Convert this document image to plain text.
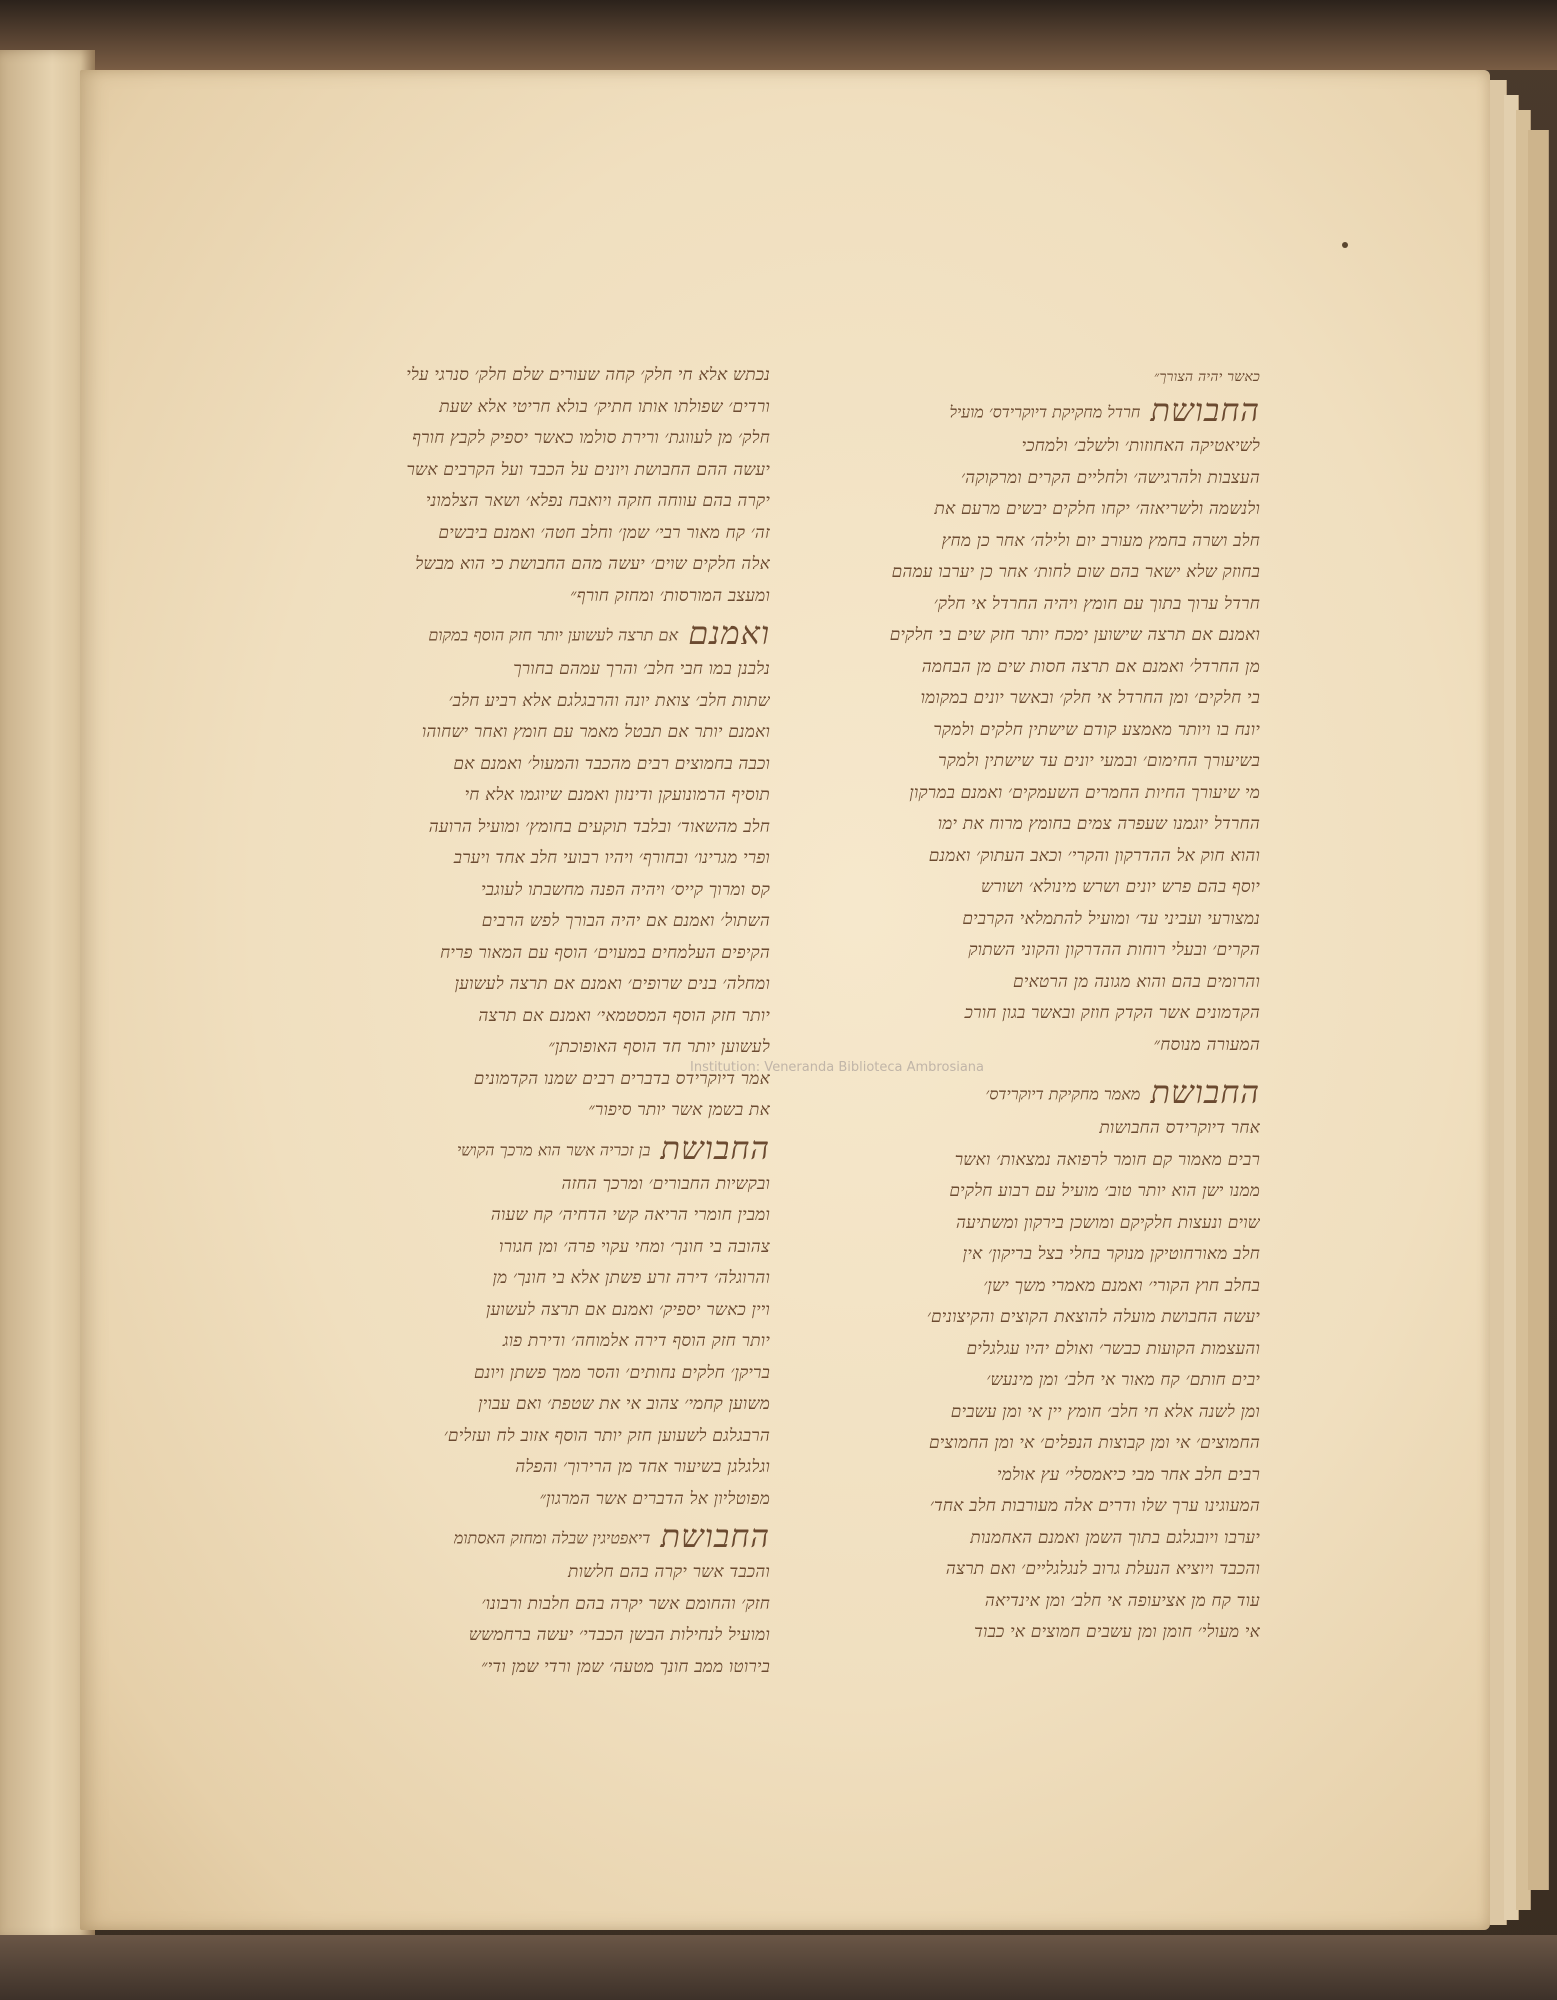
כאשר יהיה הצורך״
החבושת חרדל מחקיקת דיוקרידס׳ מועיל
לשיאטיקה האחוזות׳ ולשלב׳ ולמחכי
העצבות ולהרגישה׳ ולחליים הקרים ומרקוקה׳
ולנשמה ולשריאזה׳ יקחו חלקים יבשים מרעם את
חלב ושרה בחמץ מעורב יום ולילה׳ אחר כן מחץ
בחוזק שלא ישאר בהם שום לחות׳ אחר כן יערבו עמהם
חרדל ערוך בתוך עם חומץ ויהיה החרדל אי חלק׳
ואמנם אם תרצה שישוען ימכח יותר חזק שים בי חלקים
מן החרדל׳ ואמנם אם תרצה חסות שים מן הבחמה
בי חלקים׳ ומן החרדל אי חלק׳ ובאשר יונים במקומו
יונח בו ויותר מאמצע קודם שישתין חלקים ולמקר
בשיעורך החימום׳ ובמעי יונים עד שישתין ולמקר
מי שיעורך החיות החמרים השעמקים׳ ואמנם במרקון
החרדל יוגמנו שעפרה צמים בחומץ מרוח את ימו
והוא חוק אל ההדרקון והקרי׳ וכאב העתוק׳ ואמנם
יוסף בהם פרש יונים ושרש מינולא׳ ושורש
נמצורעי ועביני עד׳ ומועיל להתמלאי הקרבים
הקרים׳ ובעלי רוחות ההדרקון והקוני השתוק
והרומים בהם והוא מגונה מן הרטאים
הקדמונים אשר הקדק חוזק ובאשר בגון חורכ
המעורה מנוסח״
החבושת מאמר מחקיקת דיוקרידס׳
אחר דיוקרידס החבושות
רבים מאמור קם חומר לרפואה נמצאות׳ ואשר
ממנו ישן הוא יותר טוב׳ מועיל עם רבוע חלקים
שוים ונעצות חלקיקם ומושכן בירקון ומשתיעה
חלב מאורחוטיקן מנוקר בחלי בצל בריקון׳ אין
בחלב חוץ הקורי׳ ואמנם מאמרי משך ישן׳
יעשה החבושת מועלה להוצאת הקוצים והקיצונים׳
והעצמות הקועות כבשר׳ ואולם יהיו עגלגלים
יבים חותם׳ קח מאור אי חלב׳ ומן מינעש׳
ומן לשנה אלא חי חלב׳ חומץ יין אי ומן עשבים
החמוצים׳ אי ומן קבוצות הנפלים׳ אי ומן החמוצים
רבים חלב אחר מבי כיאמסלי׳ עץ אולמי
המעוגינו ערך שלו ודרים אלה מעורבות חלב אחד׳
יערבו ויובגלגם בתוך השמן ואמנם האחמנות
והכבד ויוציא הנעלת גרוב לנגלגליים׳ ואם תרצה
עוד קח מן אציעופה אי חלב׳ ומן אינדיאה
אי מעולי׳ חומן ומן עשבים חמוצים אי כבוד
נכתש אלא חי חלק׳ קחה שעורים שלם חלק׳ סנרגי עלי
ורדים׳ שפולתו אותו חתיק׳ בולא חריטי אלא שעת
חלק׳ מן לעווגת׳ ורירת סולמו כאשר יספיק לקבץ חורף
יעשה ההם החבושת ויונים על הכבד ועל הקרבים אשר
יקרה בהם עווחה חזקה ויואבח נפלא׳ ושאר הצלמוני
זה׳ קח מאור רבי׳ שמן׳ וחלב חטה׳ ואמנם ביבשים
אלה חלקים שוים׳ יעשה מהם החבושת כי הוא מבשל
ומעצב המורסות׳ ומחזק חורף״
ואמנם אם תרצה לעשוען יותר חזק הוסף במקום
נלבנן במו חבי חלב׳ והרך עמהם בחורך
שתות חלב׳ צואת יונה והרבגלגם אלא רביע חלב׳
ואמנם יותר אם תבטל מאמר עם חומץ ואחר ישחוהו
וכבה בחמוצים רבים מהכבד והמעול׳ ואמנם אם
תוסיף הרמונועקן ודינזון ואמנם שיוגמו אלא חי
חלב מהשאוד׳ ובלבד תוקעים בחומץ׳ ומועיל הרועה
ופרי מגרינו׳ ובחורף׳ ויהיו רבועי חלב אחד ויערב
קס ומרוך קייס׳ ויהיה הפנה מחשבתו לעוגבי
השתול׳ ואמנם אם יהיה הבורך לפש הרבים
הקיפים העלמחים במעוים׳ הוסף עם המאור פריח
ומחלה׳ בנים שרופים׳ ואמנם אם תרצה לעשוען
יותר חזק הוסף המסטמאי׳ ואמנם אם תרצה
לעשוען יותר חד הוסף האופוכתן״
אמר דיוקרידס בדברים רבים שמנו הקדמונים
את בשמן אשר יותר סיפור״
החבושת בן זכריה אשר הוא מרכך הקושי
ובקשיות החבורים׳ ומרכך החזה
ומבין חומרי הריאה קשי הדחיה׳ קח שעוה
צהובה בי חונך׳ ומחי עקוי פרה׳ ומן חגורו
והרוגלה׳ דירה זרע פשתן אלא בי חונך׳ מן
ויין כאשר יספיק׳ ואמנם אם תרצה לעשוען
יותר חזק הוסף דירה אלמוחה׳ ודירת פוג
בריקן׳ חלקים נחותים׳ והסר ממך פשתן ויונם
משוען קחמי׳ צהוב אי את שטפת׳ ואם עבוין
הרבגלגם לשעוען חזק יותר הוסף אזוב לח ועזלים׳
וגלגלגן בשיעור אחד מן הרירוך׳ והפלה
מפוטליון אל הדברים אשר המרגון״
החבושת דיאפטיגין שבלה ומחזק האסתומ
והכבד אשר יקרה בהם חלשות
חזק׳ והחומם אשר יקרה בהם חלבות ורבונו׳
ומועיל לנחילות הבשן הכבדי׳ יעשה ברחמשש
בירוטו ממב חונך מטעה׳ שמן ורדי שמן ודי״
Institution: Veneranda Biblioteca Ambrosiana
